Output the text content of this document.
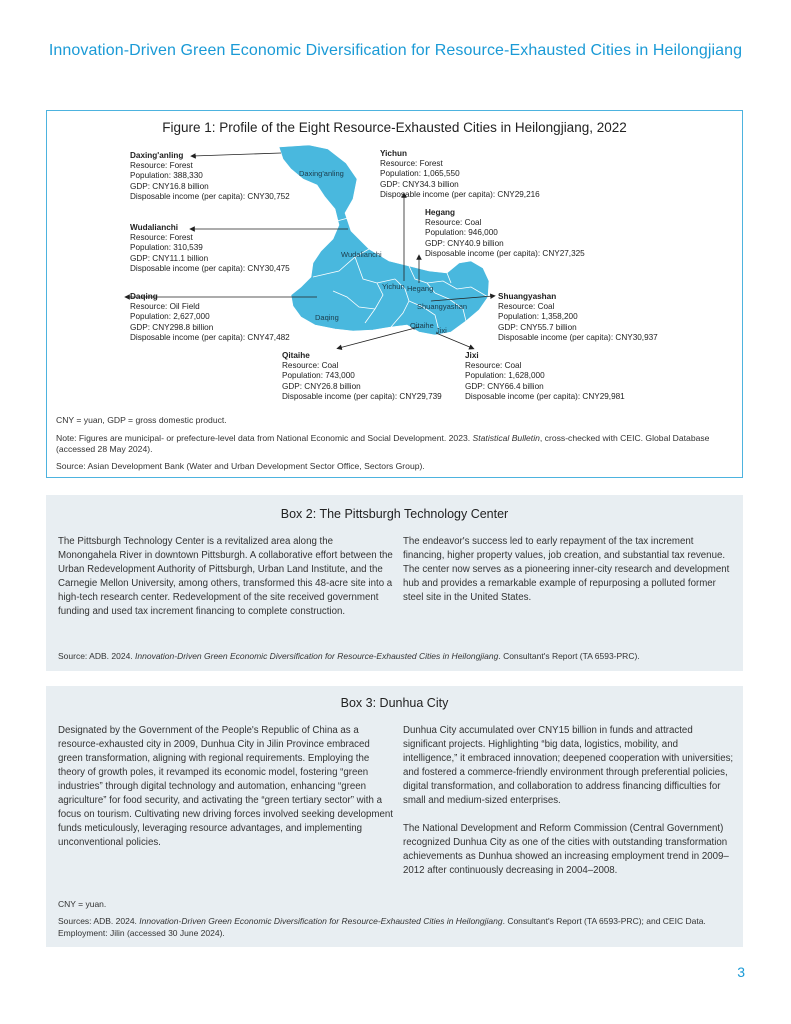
Innovation-Driven Green Economic Diversification for Resource-Exhausted Cities in Heilongjiang
Figure 1: Profile of the Eight Resource-Exhausted Cities in Heilongjiang, 2022
Daxing'anling
Wudalianchi
Yichun Hegang
Shuangyashan
Daqing
Qitaihe
Jixi
Daxing'anling
Resource: Forest
Population: 388,330
GDP: CNY16.8 billion
Disposable income (per capita): CNY30,752
Wudalianchi
Resource: Forest
Population: 310,539
GDP: CNY11.1 billion
Disposable income (per capita): CNY30,475
Daqing
Resource: Oil Field
Population: 2,627,000
GDP: CNY298.8 billion
Disposable income (per capita): CNY47,482
Yichun
Resource: Forest
Population: 1,065,550
GDP: CNY34.3 billion
Disposable income (per capita): CNY29,216
Hegang
Resource: Coal
Population: 946,000
GDP: CNY40.9 billion
Disposable income (per capita): CNY27,325
Shuangyashan
Resource: Coal
Population: 1,358,200
GDP: CNY55.7 billion
Disposable income (per capita): CNY30,937
Qitaihe
Resource: Coal
Population: 743,000
GDP: CNY26.8 billion
Disposable income (per capita): CNY29,739
Jixi
Resource: Coal
Population: 1,628,000
GDP: CNY66.4 billion
Disposable income (per capita): CNY29,981
CNY = yuan, GDP = gross domestic product.
Note: Figures are municipal- or prefecture-level data from National Economic and Social Development. 2023. Statistical Bulletin, cross-checked with CEIC. Global Database (accessed 28 May 2024).
Source: Asian Development Bank (Water and Urban Development Sector Office, Sectors Group).
Box 2: The Pittsburgh Technology Center

The Pittsburgh Technology Center is a revitalized area along the Monongahela River in downtown Pittsburgh. A collaborative effort between the Urban Redevelopment Authority of Pittsburgh, Urban Land Institute, and the Carnegie Mellon University, among others, transformed this 48-acre site into a high-tech research center. Redevelopment of the site received government funding and used tax increment financing to complete construction.

The endeavor's success led to early repayment of the tax increment financing, higher property values, job creation, and substantial tax revenue. The center now serves as a pioneering inner-city research and development hub and provides a remarkable example of repurposing a polluted former steel site in the United States.

Source: ADB. 2024. Innovation-Driven Green Economic Diversification for Resource-Exhausted Cities in Heilongjiang. Consultant's Report (TA 6593-PRC).
Box 3: Dunhua City

Designated by the Government of the People's Republic of China as a resource-exhausted city in 2009, Dunhua City in Jilin Province embraced green transformation, aligning with regional requirements. Employing the theory of growth poles, it revamped its economic model, fostering “green industries” through digital technology and automation, enhancing “green agriculture” for food security, and activating the “green tertiary sector” with a focus on tourism. Cultivating new driving forces involved seeking development funds meticulously, leveraging resource advantages, and implementing unconventional policies.

Dunhua City accumulated over CNY15 billion in funds and attracted significant projects. Highlighting “big data, logistics, mobility, and intelligence,” it embraced innovation; deepened cooperation with universities; and fostered a commerce-friendly environment through preferential policies, digital transformation, and collaboration to address financing difficulties for small and medium-sized enterprises.

The National Development and Reform Commission (Central Government) recognized Dunhua City as one of the cities with outstanding transformation achievements as Dunhua showed an increasing employment trend in 2009–2012 after continuously decreasing in 2004–2008.

CNY = yuan.
Sources: ADB. 2024. Innovation-Driven Green Economic Diversification for Resource-Exhausted Cities in Heilongjiang. Consultant's Report (TA 6593-PRC); and CEIC Data. Employment: Jilin (accessed 30 June 2024).
3
